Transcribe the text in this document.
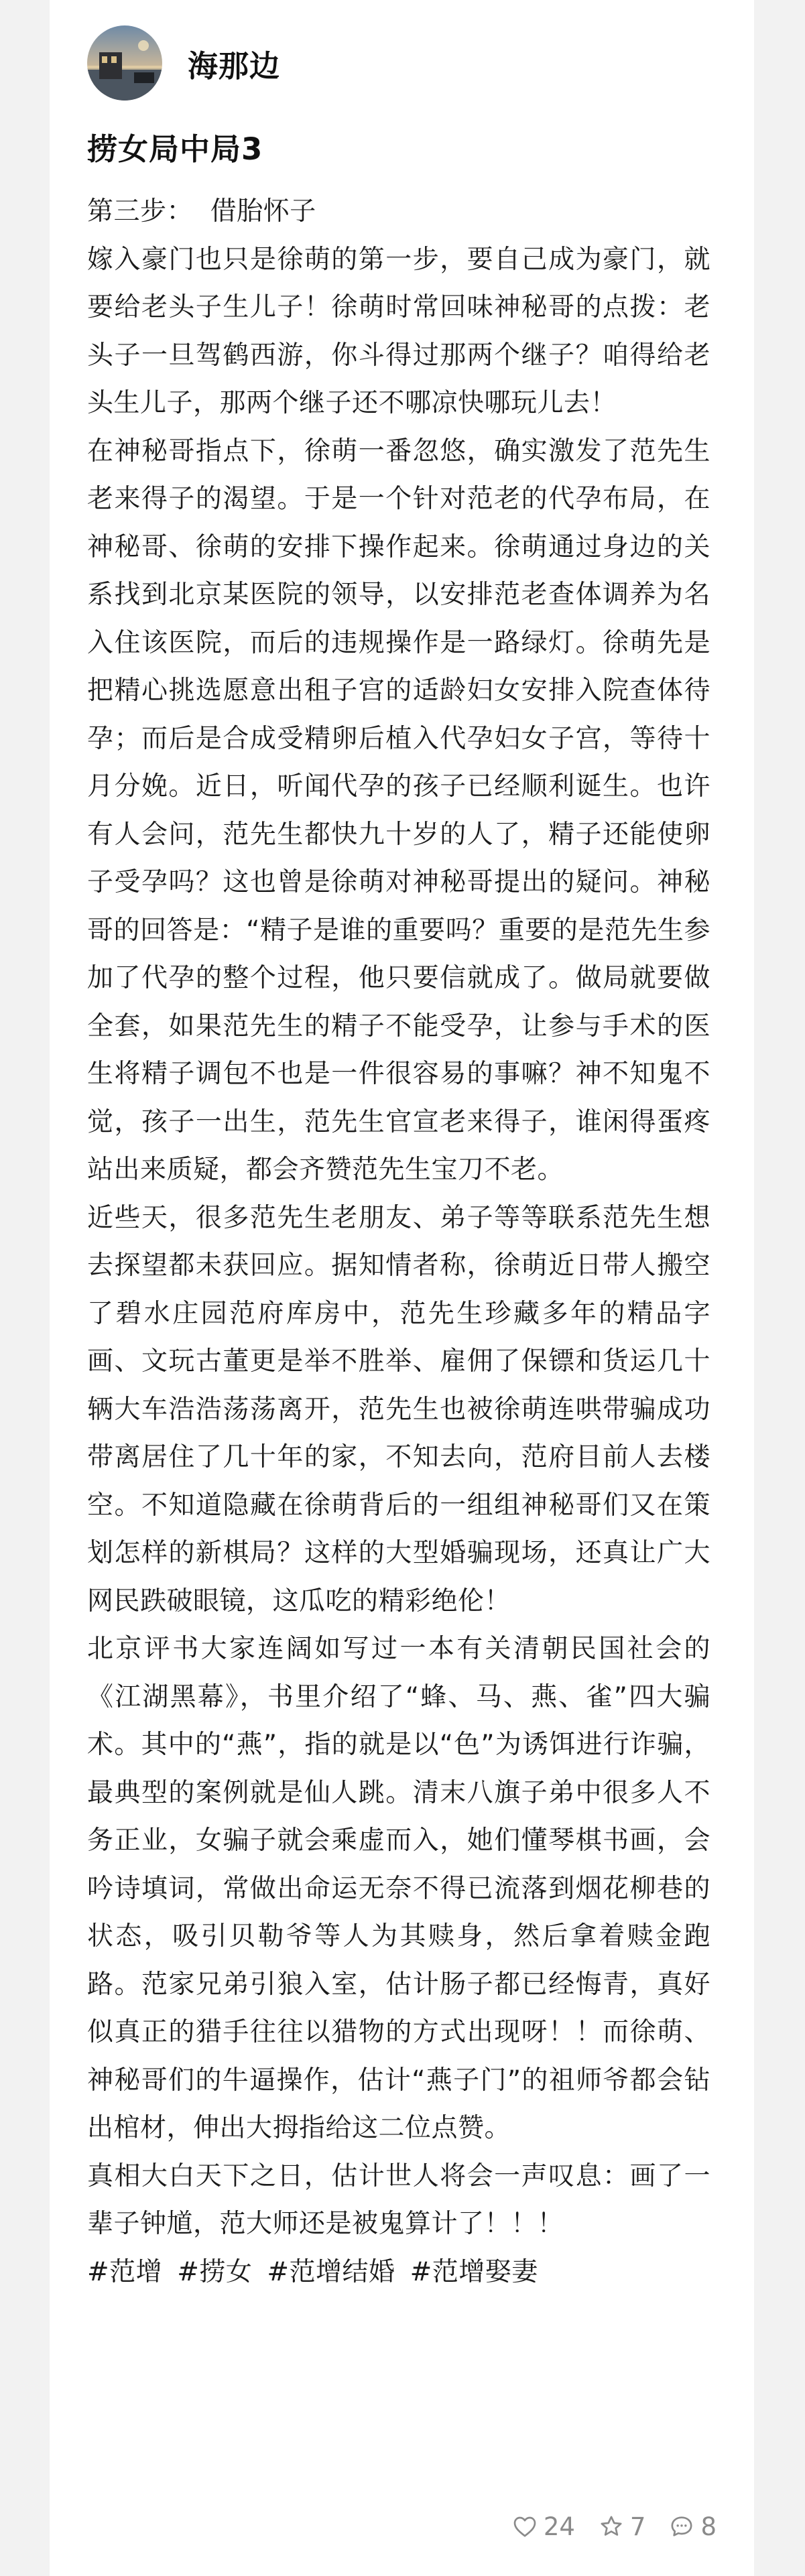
海那边
捞女局中局3

第三步：  借胎怀子

嫁入豪门也只是徐萌的第一步，要自己成为豪门，就要给老头子生儿子！徐萌时常回味神秘哥的点拨：老头子一旦驾鹤西游，你斗得过那两个继子？咱得给老头生儿子，那两个继子还不哪凉快哪玩儿去！

在神秘哥指点下，徐萌一番忽悠，确实激发了范先生老来得子的渴望。于是一个针对范老的代孕布局，在神秘哥、徐萌的安排下操作起来。徐萌通过身边的关系找到北京某医院的领导，以安排范老查体调养为名入住该医院，而后的违规操作是一路绿灯。徐萌先是把精心挑选愿意出租子宫的适龄妇女安排入院查体待孕；而后是合成受精卵后植入代孕妇女子宫，等待十月分娩。近日，听闻代孕的孩子已经顺利诞生。也许有人会问，范先生都快九十岁的人了，精子还能使卵子受孕吗？这也曾是徐萌对神秘哥提出的疑问。神秘哥的回答是：“精子是谁的重要吗？重要的是范先生参加了代孕的整个过程，他只要信就成了。做局就要做全套，如果范先生的精子不能受孕，让参与手术的医生将精子调包不也是一件很容易的事嘛？神不知鬼不觉，孩子一出生，范先生官宣老来得子，谁闲得蛋疼站出来质疑，都会齐赞范先生宝刀不老。

近些天，很多范先生老朋友、弟子等等联系范先生想去探望都未获回应。据知情者称，徐萌近日带人搬空了碧水庄园范府库房中，范先生珍藏多年的精品字画、文玩古董更是举不胜举、雇佣了保镖和货运几十辆大车浩浩荡荡离开，范先生也被徐萌连哄带骗成功带离居住了几十年的家，不知去向，范府目前人去楼空。不知道隐藏在徐萌背后的一组组神秘哥们又在策划怎样的新棋局？这样的大型婚骗现场，还真让广大网民跌破眼镜，这瓜吃的精彩绝伦！

北京评书大家连阔如写过一本有关清朝民国社会的《江湖黑幕》，书里介绍了“蜂、马、燕、雀”四大骗术。其中的“燕”，指的就是以“色”为诱饵进行诈骗，最典型的案例就是仙人跳。清末八旗子弟中很多人不务正业，女骗子就会乘虚而入，她们懂琴棋书画，会吟诗填词，常做出命运无奈不得已流落到烟花柳巷的状态，吸引贝勒爷等人为其赎身，然后拿着赎金跑路。范家兄弟引狼入室，估计肠子都已经悔青，真好似真正的猎手往往以猎物的方式出现呀！！而徐萌、神秘哥们的牛逼操作，估计“燕子门”的祖师爷都会钻出棺材，伸出大拇指给这二位点赞。

真相大白天下之日，估计世人将会一声叹息：画了一辈子钟馗，范大师还是被鬼算计了！！！

#范增 #捞女 #范增结婚 #范增娶妻

24 7 8
